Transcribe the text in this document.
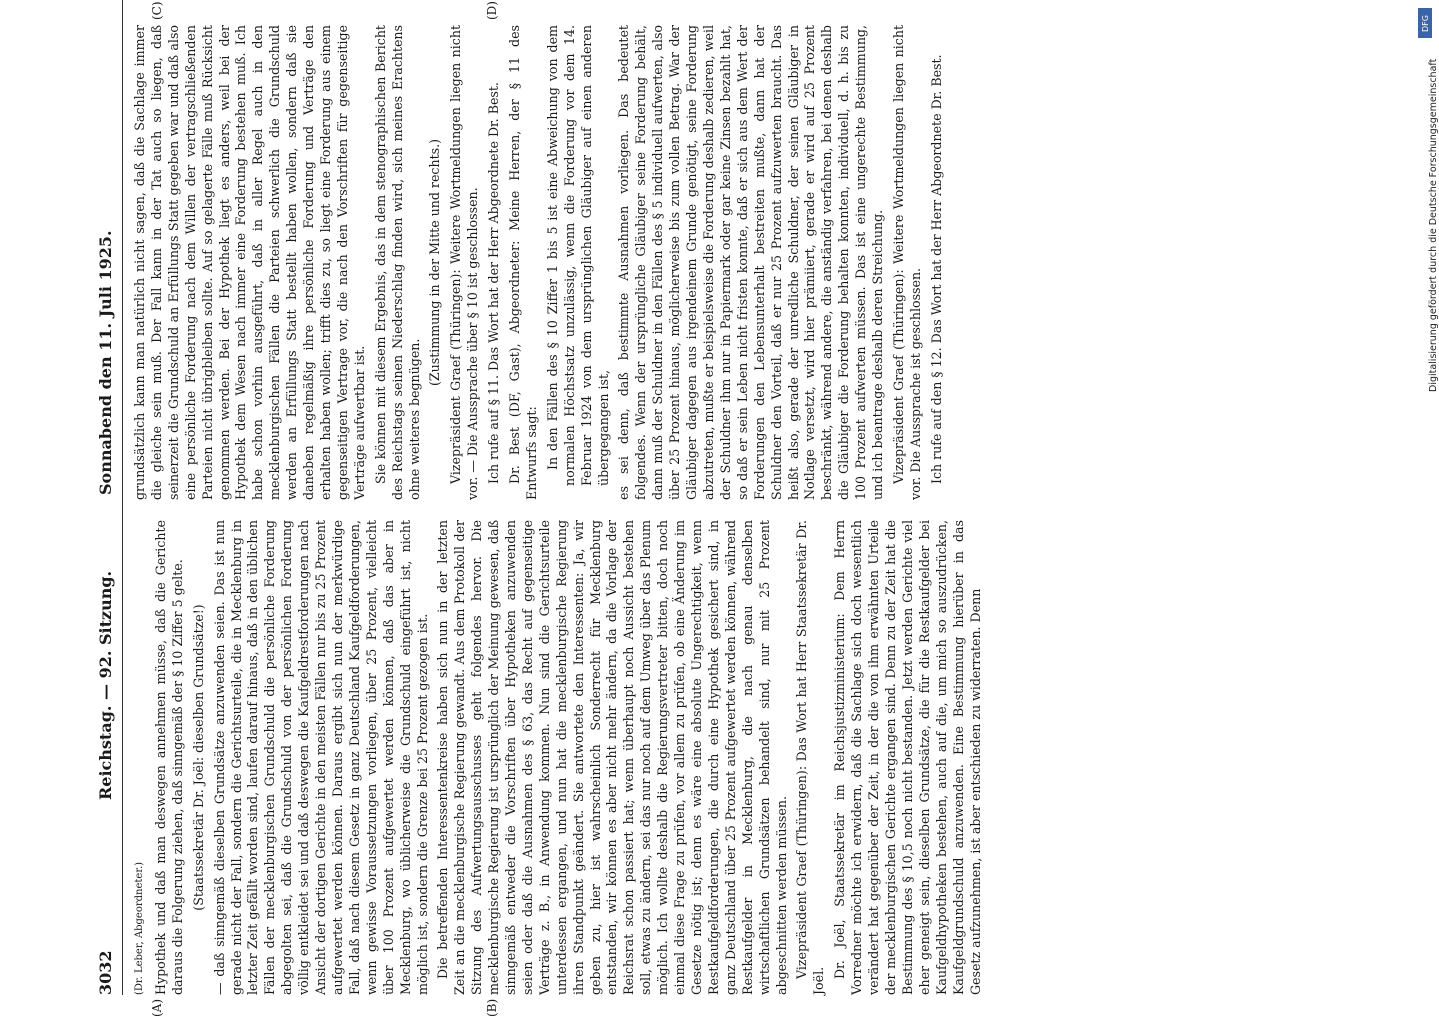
3032
Reichstag. — 92. Sitzung.
Sonnabend den 11. Juli 1925.
(A)	(B)
(C)	(D)

(Dr. Leber, Abgeordneter.) Hypothek und daß man deswegen annehmen müsse, daß die Gerichte daraus die Folgerung ziehen, daß sinngemäß der § 10 Ziffer 5 gelte. (Staatssekretär Dr. Joël: dieselben Grundsätze!) — daß sinngemäß dieselben Grundsätze anzuwenden seien. Das ist nun gerade nicht der Fall, sondern die Gerichtsurteile, die in Mecklenburg in letzter Zeit gefällt worden sind, laufen darauf hinaus, daß in den üblichen Fällen der mecklenburgischen Grundschuld die persönliche Forderung abgegolten sei, daß die Grundschuld von der persönlichen Forderung völlig entkleidet sei und daß deswegen die Kaufgeldrestforderungen nach Ansicht der dortigen Gerichte in den meisten Fällen nur bis zu 25 Prozent aufgewertet werden können. Daraus ergibt sich nun der merkwürdige Fall, daß nach diesem Gesetz in ganz Deutschland Kaufgeldforderungen, wenn gewisse Voraussetzungen vorliegen, über 25 Prozent, vielleicht über 100 Prozent aufgewertet werden können, daß das aber in Mecklenburg, wo üblicherweise die Grundschuld eingeführt ist, nicht möglich ist, sondern die Grenze bei 25 Prozent gezogen ist. Die betreffenden Interessentenkreise haben sich nun in der letzten Zeit an die mecklenburgische Regierung gewandt. Aus dem Protokoll der Sitzung des Aufwertungsausschusses geht folgendes hervor. Die mecklenburgische Regierung ist ursprünglich der Meinung gewesen, daß sinngemäß entweder die Vorschriften über Hypotheken anzuwenden seien oder daß die Ausnahmen des § 63, das Recht auf gegenseitige Verträge z. B., in Anwendung kommen. Nun sind die Gerichtsurteile unterdessen ergangen, und nun hat die mecklenburgische Regierung ihren Standpunkt geändert. Sie antwortete den Interessenten: Ja, wir geben zu, hier ist wahrscheinlich Sonderrecht für Mecklenburg entstanden, wir können es aber nicht mehr ändern, da die Vorlage der Reichsrat schon passiert hat; wenn überhaupt noch Aussicht bestehen soll, etwas zu ändern, sei das nur noch auf dem Umweg über das Plenum möglich. Ich wollte deshalb die Regierungsvertreter bitten, doch noch einmal diese Frage zu prüfen, vor allem zu prüfen, ob eine Änderung im Gesetze nötig ist; denn es wäre eine absolute Ungerechtigkeit, wenn Restkaufgeldforderungen, die durch eine Hypothek gesichert sind, in ganz Deutschland über 25 Prozent aufgewertet werden können, während Restkaufgelder in Mecklenburg, die nach genau denselben wirtschaftlichen Grundsätzen behandelt sind, nur mit 25 Prozent abgeschnitten werden müssen. Vizepräsident Graef (Thüringen): Das Wort hat Herr Staatssekretär Dr. Joël.

Dr. Joël, Staatssekretär im Reichsjustizministerium: Dem Herrn Vorredner möchte ich erwidern, daß die Sachlage sich doch wesentlich verändert hat gegenüber der Zeit, in der die von ihm erwähnten Urteile der mecklenburgischen Gerichte ergangen sind. Denn zu der Zeit hat die Bestimmung des § 10,5 noch nicht bestanden. Jetzt werden Gerichte viel eher geneigt sein, dieselben Grundsätze, die für die Restkaufgelder bei Kaufgeldhypotheken bestehen, auch auf die, um mich so auszudrücken, Kaufgeldgrundschuld anzuwenden. Eine Bestimmung hierüber in das Gesetz aufzunehmen, ist aber entschieden zu widerraten. Denn

grundsätzlich kann man natürlich nicht sagen, daß die Sachlage immer die gleiche sein muß. Der Fall kann in der Tat auch so liegen, daß seinerzeit die Grundschuld an Erfüllungs Statt gegeben war und daß also eine persönliche Forderung nach dem Willen der vertragschließenden Parteien nicht übrigbleiben sollte. Auf so gelagerte Fälle muß Rücksicht genommen werden. Bei der Hypothek liegt es anders, weil bei der Hypothek dem Wesen nach immer eine Forderung bestehen muß. Ich habe schon vorhin ausgeführt, daß in aller Regel auch in den mecklenburgischen Fällen die Parteien schwerlich die Grundschuld werden an Erfüllungs Statt bestellt haben wollen, sondern daß sie daneben regelmäßig ihre persönliche Forderung und Verträge den erhalten haben wollen; trifft dies zu, so liegt eine Forderung aus einem gegenseitigen Vertrage vor, die nach den Vorschriften für gegenseitige Verträge aufwertbar ist. Sie können mit diesem Ergebnis, das in dem stenographischen Bericht des Reichstags seinen Niederschlag finden wird, sich meines Erachtens ohne weiteres begnügen.

(Zustimmung in der Mitte und rechts.) Vizepräsident Graef (Thüringen): Weitere Wortmeldungen liegen nicht vor. — Die Aussprache über § 10 ist geschlossen. Ich rufe auf § 11. Das Wort hat der Herr Abgeordnete Dr. Best. Dr. Best (DF, Gast), Abgeordneter: Meine Herren, der § 11 des Entwurfs sagt: In den Fällen des § 10 Ziffer 1 bis 5 ist eine Abweichung von dem normalen Höchstsatz unzulässig, wenn die Forderung vor dem 14. Februar 1924 von dem ursprünglichen Gläubiger auf einen anderen übergegangen ist, es sei denn, daß bestimmte Ausnahmen vorliegen. Das bedeutet folgendes. Wenn der ursprüngliche Gläubiger seine Forderung behält, dann muß der Schuldner in den Fällen des § 5 individuell aufwerten, also über 25 Prozent hinaus, möglicherweise bis zum vollen Betrag. War der Gläubiger dagegen aus irgendeinem Grunde genötigt, seine Forderung abzutreten, mußte er beispielsweise die Forderung deshalb zedieren, weil der Schuldner ihm nur in Papiermark oder gar keine Zinsen bezahlt hat, so daß er sein Leben nicht fristen konnte, daß er sich aus dem Wert der Forderungen den Lebensunterhalt bestreiten mußte, dann hat der Schuldner den Vorteil, daß er nur 25 Prozent aufzuwerten braucht. Das heißt also, gerade der unredliche Schuldner, der seinen Gläubiger in Notlage versetzt, wird hier prämiiert, gerade er wird auf 25 Prozent beschränkt, während andere, die anständig verfahren, bei denen deshalb die Gläubiger die Forderung behalten konnten, individuell, d. h. bis zu 100 Prozent aufwerten müssen. Das ist eine ungerechte Bestimmung, und ich beantrage deshalb deren Streichung. Vizepräsident Graef (Thüringen): Weitere Wortmeldungen liegen nicht vor. Die Aussprache ist geschlossen. Ich rufe auf den § 12. Das Wort hat der Herr Abgeordnete Dr. Best.

DFG
Digitalisierung gefördert durch die Deutsche Forschungsgemeinschaft
